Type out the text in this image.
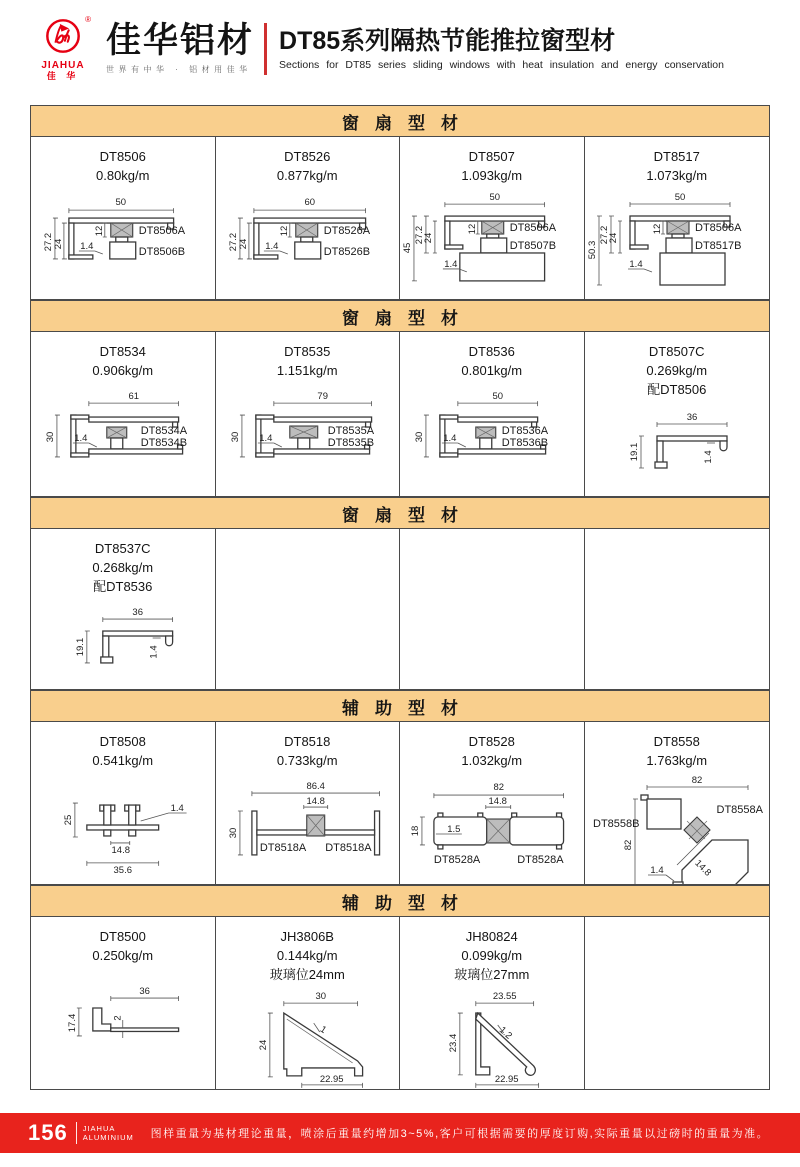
®
JIAHUA
佳 华
佳华铝材
世界有中华 · 铝材用佳华
DT85系列隔热节能推拉窗型材
Sections for DT85 series sliding windows with heat insulation and energy conservation
窗扇型材
DT8506
0.80kg/m
50
27.2
24
12
1.4
DT8506A
DT8506B
DT8526
0.877kg/m
60
27.2
24
12
1.4
DT8526A
DT8526B
DT8507
1.093kg/m
50
45
27.2
24
12
1.4
DT8506A
DT8507B
DT8517
1.073kg/m
50
50.3
27.2
24
12
1.4
DT8506A
DT8517B
窗扇型材
DT8534
0.906kg/m
61
30 1.4
DT8534A
DT8534B
DT8535
1.151kg/m
79
30 1.4
DT8535A
DT8535B
DT8536
0.801kg/m
50
30 1.4
DT8536A
DT8536B
DT8507C
0.269kg/m
配DT8506
36
19.1	1.4
窗扇型材
DT8537C
0.268kg/m
配DT8536
36
19.1	1.4
辅助型材
DT8508
0.541kg/m
25
14.8
35.6
1.4
DT8518
0.733kg/m
86.4
14.8
30
DT8518A DT8518A
DT8528
1.032kg/m
82
14.8
18	1.5
DT8528A	DT8528A
DT8558
1.763kg/m
82
82
14.8
1.4
DT8558B
DT8558A
辅助型材
DT8500
0.250kg/m
36
17.4	2
JH3806B
0.144kg/m
玻璃位24mm
30
24
1
22.95
JH80824
0.099kg/m
玻璃位27mm
23.55
23.4
1.2
22.95
156 JIAHUA
ALUMINIUM	图样重量为基材理论重量，喷涂后重量约增加3~5%,客户可根据需要的厚度订购,实际重量以过磅时的重量为准。
